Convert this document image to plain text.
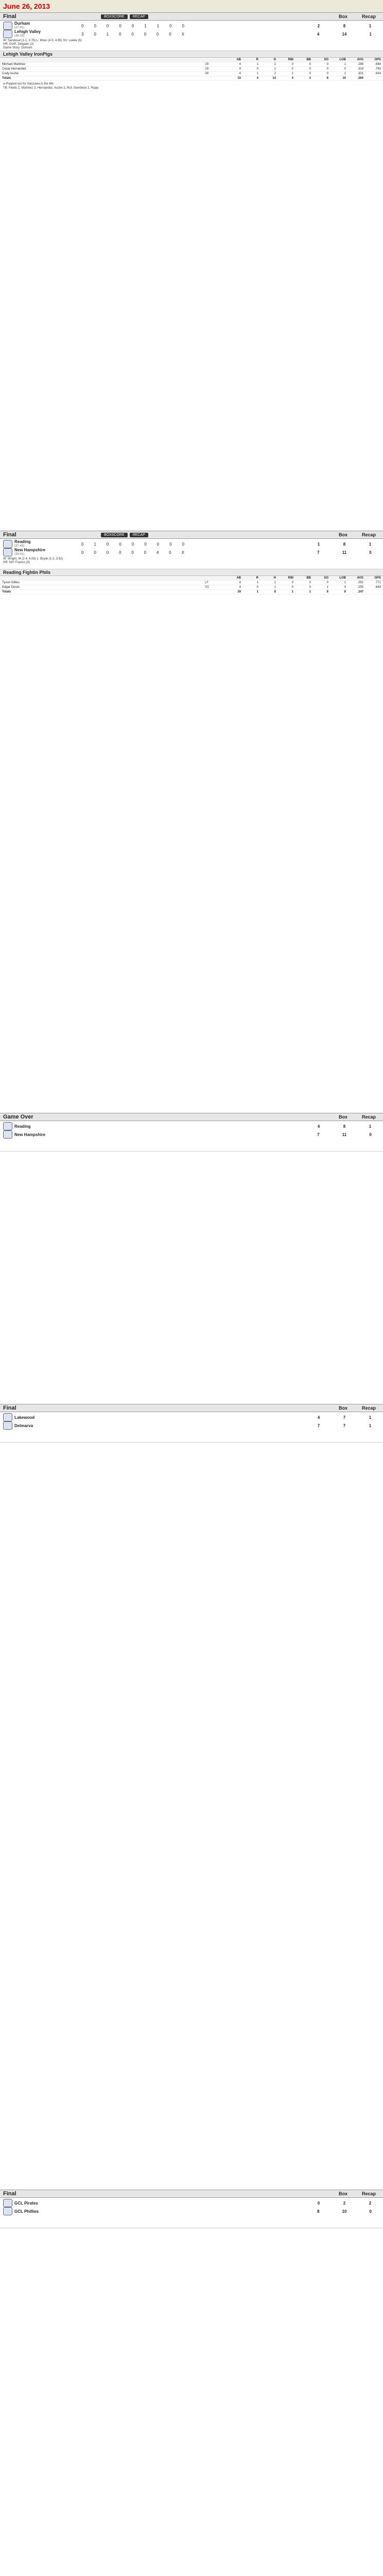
June 26, 2013
Final	BOXSCORE	RECAP	Box	Recap
Durham
(37-41)	0 0 0 0 0 1 1 0 0	2	8	1
Lehigh Valley
(45-33)	3 0 1 0 0 0 0 0 X	4	14	1
W: Sandoval (1-1, 3.75) L: Moor (4-5, 4.95) SV: Lueke (5)
HR: DUR: Delgado (2)
Game Story: Durham
Lehigh Valley IronPigs
		AB	R	H	RBI	BB	SO	LOB	AVG	OPS
Michael Martinez	2B	4	1	2	0	0	0	1	.288	.684
Cesar Hernandez	2B	4	0	1	0	0	0	0	.319	.793
Cody Asche	3B	4	1	2	1	0	0	1	.301	.814
Totals		33	4	14	4	3	8	10	.264	
a-Popped out for Hanzawa in the 8th.
TB: Fields 2, Martinez 3, Hernandez, Asche 2, Ruf, Overbeck 2, Rupp
Final	BOXSCORE	RECAP	Box	Recap
Reading
(37-43)	0 1 0 0 0 0 0 0 0	1	8	1
New Hampshire
(39-41)	0 0 0 0 0 0 4 0 X	7	11	0
W: Wright, M (2-4, 6.05) L: Boyle (1-2, 3.52)
HR: NH: Franco (3)
Reading Fightin Phils
		AB	R	H	RBI	BB	SO	LOB	AVG	OPS
Tyson Gillies	LF	4	1	1	0	0	0	1	.291	.771
Edgar Duran	SS	4	0	1	0	0	1	0	.255	.643
Totals		29	1	8	1	1	8	8	.247	
Game Over	Box	Recap
Reading	4	8	1
New Hampshire	7	11	0
Final	Box	Recap
Lakewood	4	7	1
Delmarva	7	7	1
Final	Box	Recap
GCL Pirates	0	2	2
GCL Phillies	8	10	0
